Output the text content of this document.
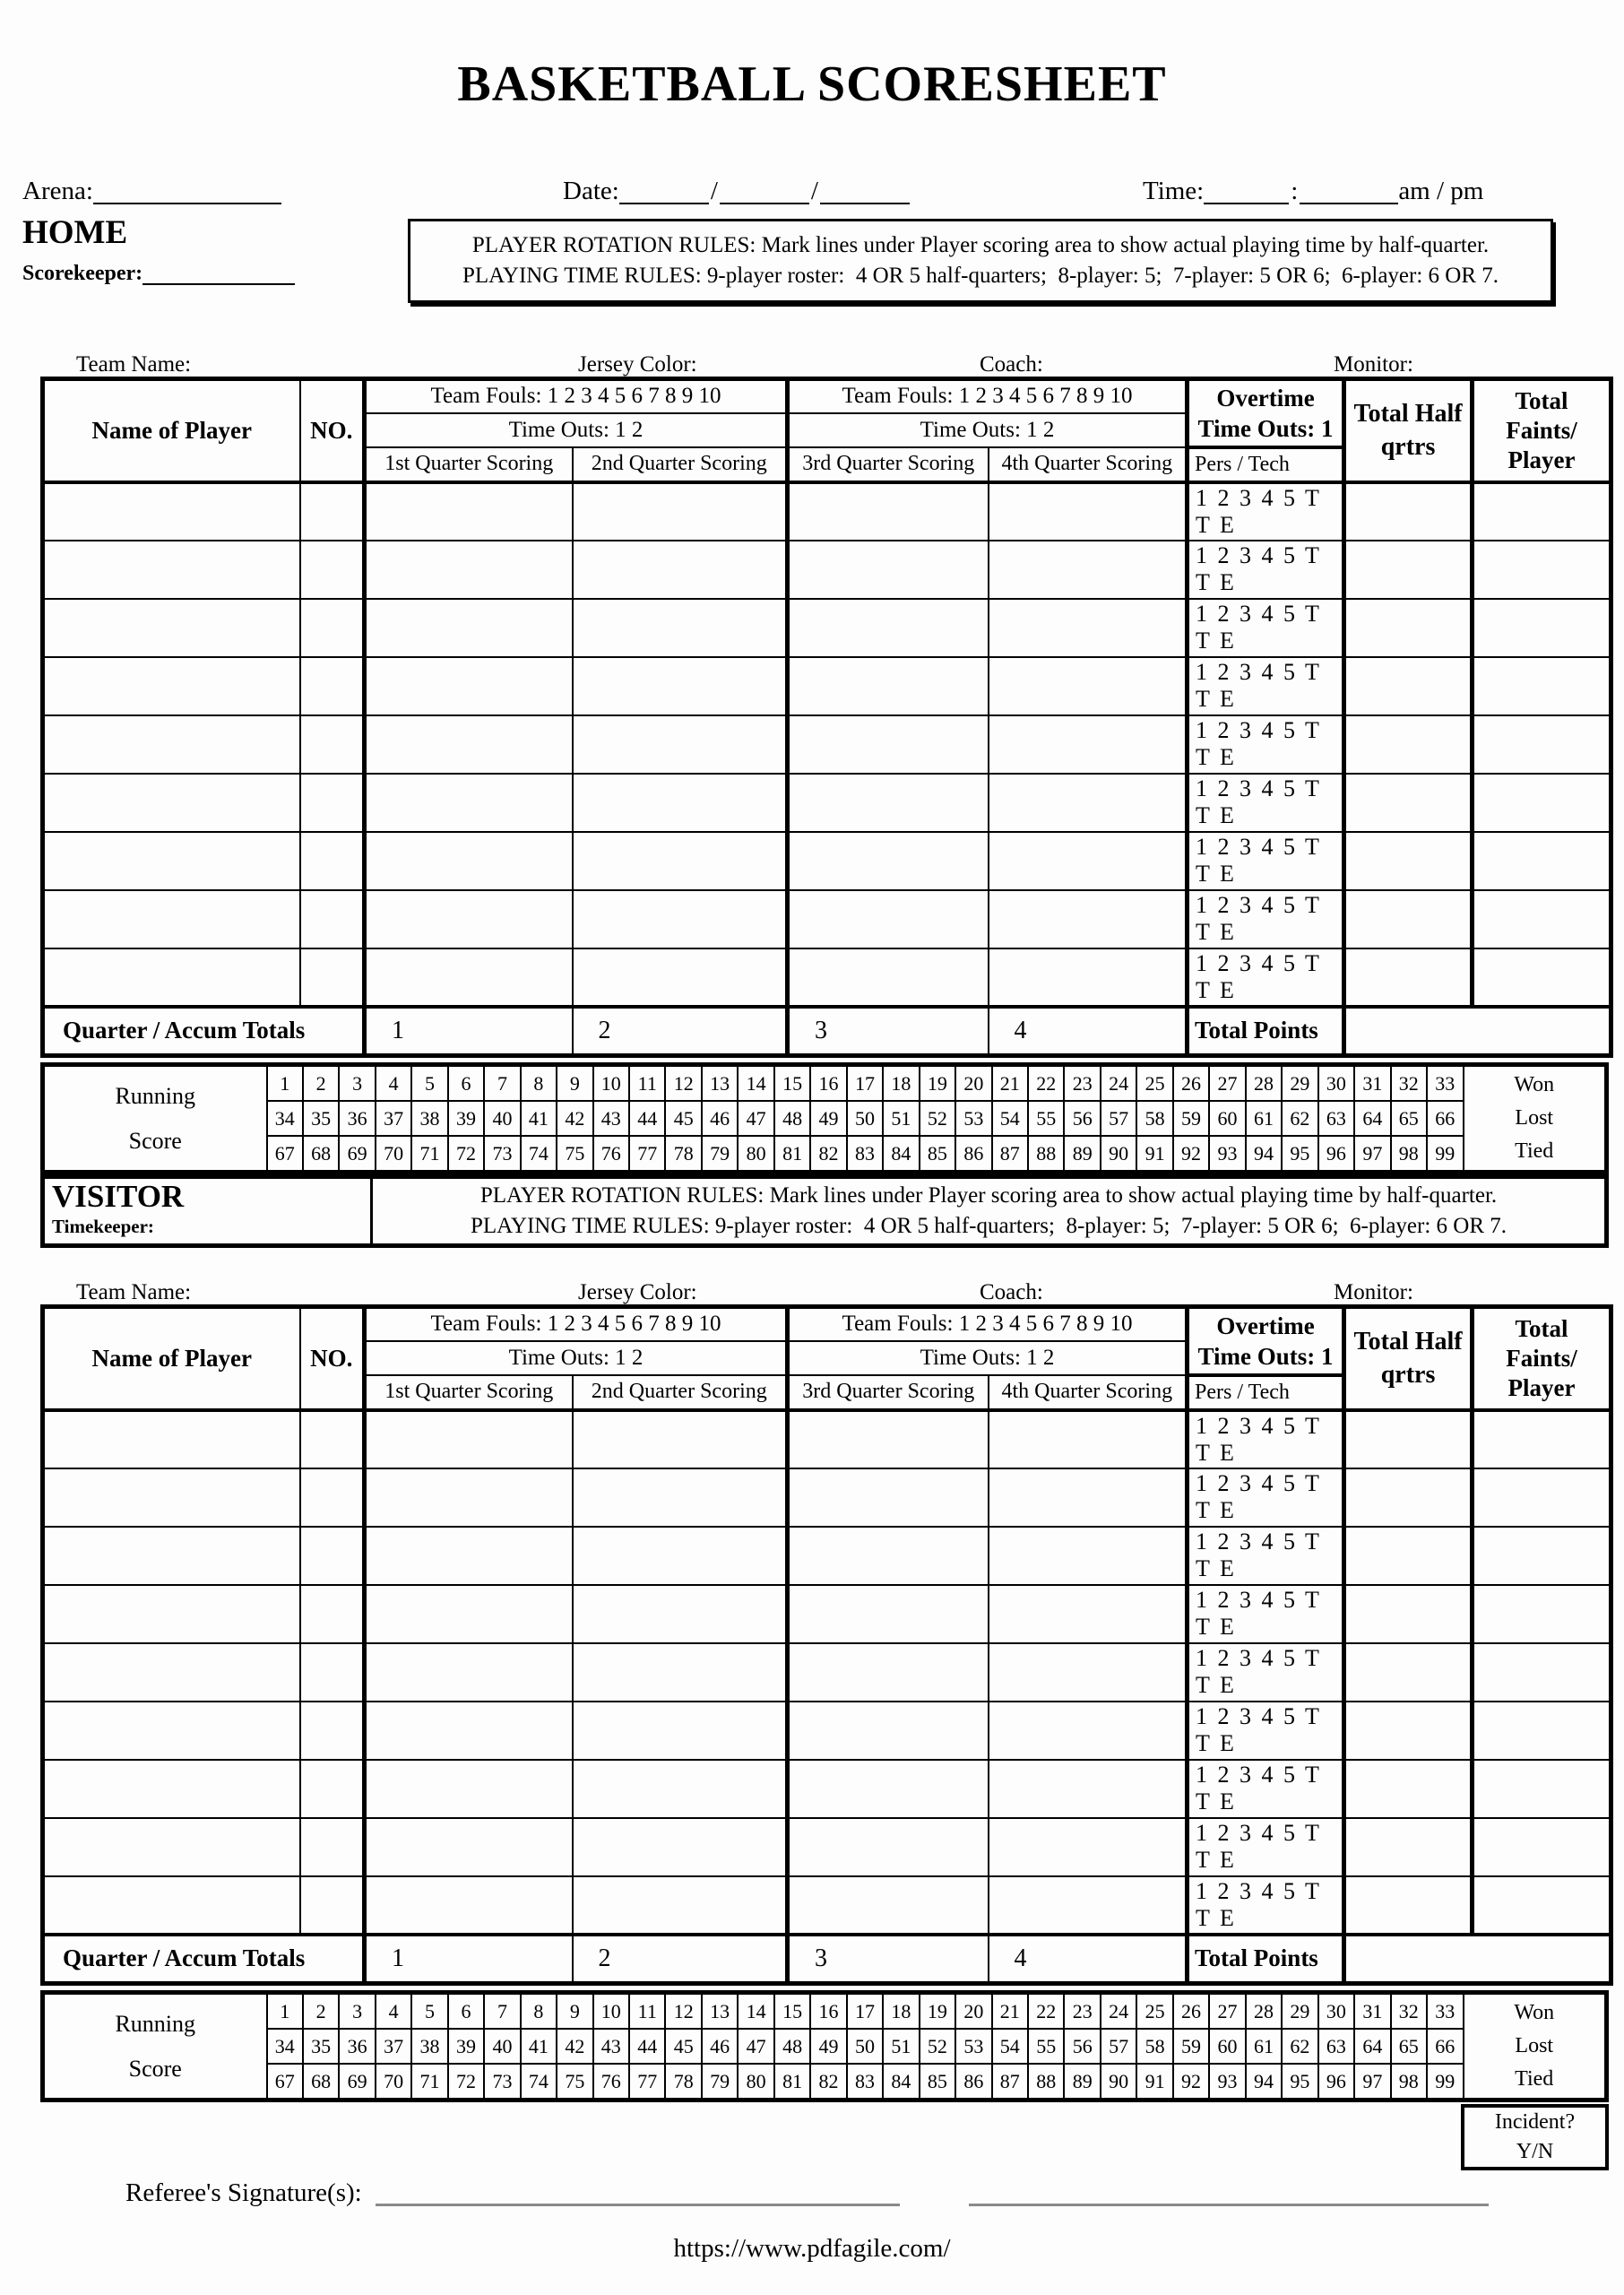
BASKETBALL SCORESHEET
Arena:	Date:	/	/	Time:	:	am / pm
HOME
Scorekeeper:
PLAYER ROTATION RULES: Mark lines under Player scoring area to show actual playing time by half-quarter.
PLAYING TIME RULES: 9-player roster:  4 OR 5 half-quarters;  8-player: 5;  7-player: 5 OR 6;  6-player: 6 OR 7.
Team Name:	Jersey Color:	Coach:	Monitor:
Name of Player	NO.	Team Fouls: 1 2 3 4 5 6 7 8 9 10	Team Fouls: 1 2 3 4 5 6 7 8 9 10	Overtime
Time Outs: 1

Total Half
qrtrs

Total
Faints/
Player

		Time Outs: 1 2		Time Outs: 1 2				
		1st Quarter Scoring	2nd Quarter Scoring	3rd Quarter Scoring	4th Quarter Scoring	Pers / Tech		
						1 2 3 4 5 T T E		
						1 2 3 4 5 T T E		
						1 2 3 4 5 T T E		
						1 2 3 4 5 T T E		
						1 2 3 4 5 T T E		
						1 2 3 4 5 T T E		
						1 2 3 4 5 T T E		
						1 2 3 4 5 T T E		
						1 2 3 4 5 T T E		
Quarter / Accum Totals		1	2	3	4	Total Points		
Running
Score
	1	2	3	4	5	6	7	8	9	10	11	12	13	14	15	16	17	18	19	20	21	22	23	24	25	26	27	28	29	30	31	32	33	Won
Lost
Tied

	34	35	36	37	38	39	40	41	42	43	44	45	46	47	48	49	50	51	52	53	54	55	56	57	58	59	60	61	62	63	64	65	66	
	67	68	69	70	71	72	73	74	75	76	77	78	79	80	81	82	83	84	85	86	87	88	89	90	91	92	93	94	95	96	97	98	99	
VISITOR
Timekeeper:
PLAYER ROTATION RULES: Mark lines under Player scoring area to show actual playing time by half-quarter.
PLAYING TIME RULES: 9-player roster:  4 OR 5 half-quarters;  8-player: 5;  7-player: 5 OR 6;  6-player: 6 OR 7.
Team Name:	Jersey Color:	Coach:	Monitor:
Name of Player	NO.	Team Fouls: 1 2 3 4 5 6 7 8 9 10	Team Fouls: 1 2 3 4 5 6 7 8 9 10	Overtime
Time Outs: 1

Total Half
qrtrs

Total
Faints/
Player

		Time Outs: 1 2		Time Outs: 1 2				
		1st Quarter Scoring	2nd Quarter Scoring	3rd Quarter Scoring	4th Quarter Scoring	Pers / Tech		
						1 2 3 4 5 T T E		
						1 2 3 4 5 T T E		
						1 2 3 4 5 T T E		
						1 2 3 4 5 T T E		
						1 2 3 4 5 T T E		
						1 2 3 4 5 T T E		
						1 2 3 4 5 T T E		
						1 2 3 4 5 T T E		
						1 2 3 4 5 T T E		
Quarter / Accum Totals		1	2	3	4	Total Points		
Running
Score
	1	2	3	4	5	6	7	8	9	10	11	12	13	14	15	16	17	18	19	20	21	22	23	24	25	26	27	28	29	30	31	32	33	Won
Lost
Tied

	34	35	36	37	38	39	40	41	42	43	44	45	46	47	48	49	50	51	52	53	54	55	56	57	58	59	60	61	62	63	64	65	66	
	67	68	69	70	71	72	73	74	75	76	77	78	79	80	81	82	83	84	85	86	87	88	89	90	91	92	93	94	95	96	97	98	99	
Incident?
Y/N
Referee's Signature(s):
https://www.pdfagile.com/
